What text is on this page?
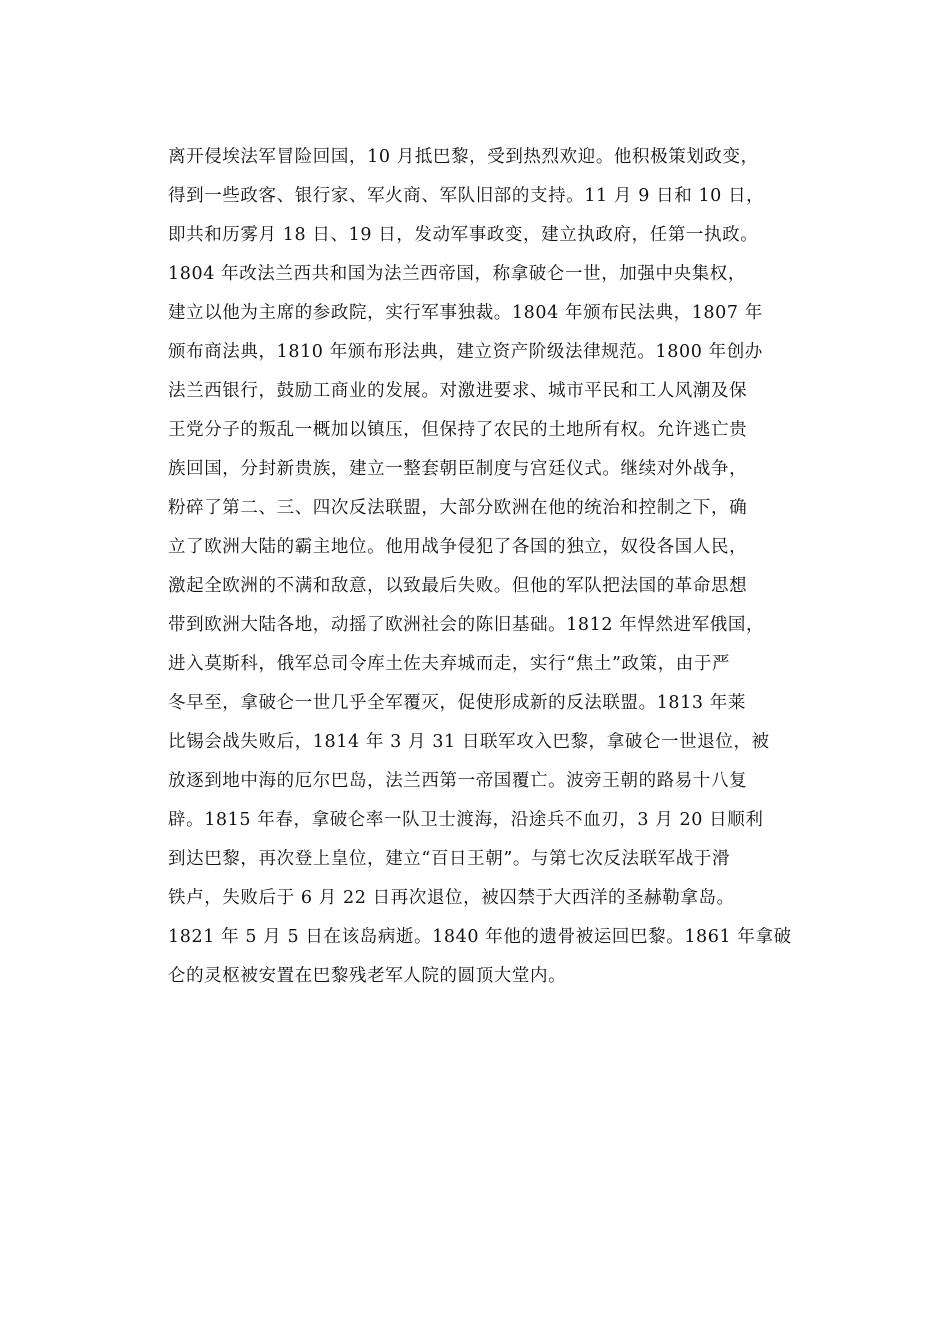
离开侵埃法军冒险回国，10 月抵巴黎，受到热烈欢迎。他积极策划政变，
得到一些政客、银行家、军火商、军队旧部的支持。11 月 9 日和 10 日，
即共和历雾月 18 日、19 日，发动军事政变，建立执政府，任第一执政。
1804 年改法兰西共和国为法兰西帝国，称拿破仑一世，加强中央集权，
建立以他为主席的参政院，实行军事独裁。1804 年颁布民法典，1807 年
颁布商法典，1810 年颁布形法典，建立资产阶级法律规范。1800 年创办
法兰西银行，鼓励工商业的发展。对激进要求、城市平民和工人风潮及保
王党分子的叛乱一概加以镇压，但保持了农民的土地所有权。允许逃亡贵
族回国，分封新贵族，建立一整套朝臣制度与宫廷仪式。继续对外战争，
粉碎了第二、三、四次反法联盟，大部分欧洲在他的统治和控制之下，确
立了欧洲大陆的霸主地位。他用战争侵犯了各国的独立，奴役各国人民，
激起全欧洲的不满和敌意，以致最后失败。但他的军队把法国的革命思想
带到欧洲大陆各地，动摇了欧洲社会的陈旧基础。1812 年悍然进军俄国，
进入莫斯科，俄军总司令库土佐夫弃城而走，实行“焦土”政策，由于严
冬早至，拿破仑一世几乎全军覆灭，促使形成新的反法联盟。1813 年莱
比锡会战失败后，1814 年 3 月 31 日联军攻入巴黎，拿破仑一世退位，被
放逐到地中海的厄尔巴岛，法兰西第一帝国覆亡。波旁王朝的路易十八复
辟。1815 年春，拿破仑率一队卫士渡海，沿途兵不血刃，3 月 20 日顺利
到达巴黎，再次登上皇位，建立“百日王朝”。与第七次反法联军战于滑
铁卢，失败后于 6 月 22 日再次退位，被囚禁于大西洋的圣赫勒拿岛。
1821 年 5 月 5 日在该岛病逝。1840 年他的遗骨被运回巴黎。1861 年拿破
仑的灵枢被安置在巴黎残老军人院的圆顶大堂内。
